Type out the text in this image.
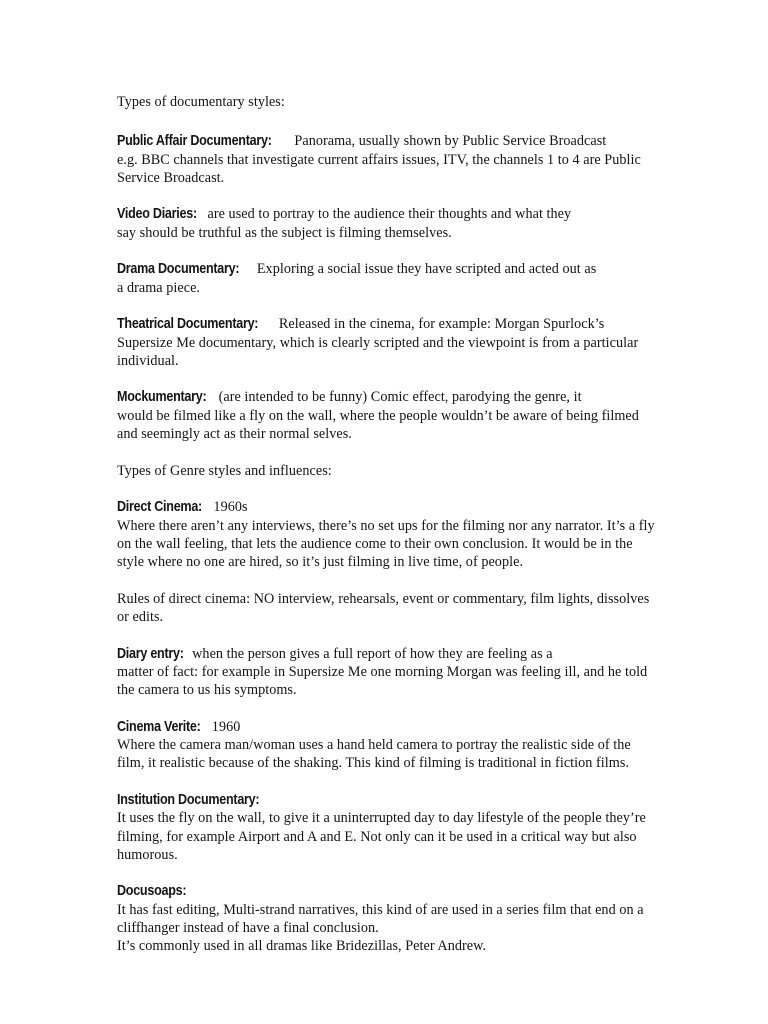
Types of documentary styles:

Public Affair Documentary: Panorama, usually shown by Public Service Broadcast
e.g. BBC channels that investigate current affairs issues, ITV, the channels 1 to 4 are Public Service Broadcast.

Video Diaries: are used to portray to the audience their thoughts and what they
say should be truthful as the subject is filming themselves.

Drama Documentary: Exploring a social issue they have scripted and acted out as
a drama piece.

Theatrical Documentary: Released in the cinema, for example: Morgan Spurlock’s
Supersize Me documentary, which is clearly scripted and the viewpoint is from a particular individual.

Mockumentary: (are intended to be funny) Comic effect, parodying the genre, it
would be filmed like a fly on the wall, where the people wouldn’t be aware of being filmed and seemingly act as their normal selves.

Types of Genre styles and influences:

Direct Cinema: 1960s
Where there aren’t any interviews, there’s no set ups for the filming nor any narrator. It’s a fly on the wall feeling, that lets the audience come to their own conclusion. It would be in the style where no one are hired, so it’s just filming in live time, of people.

Rules of direct cinema: NO interview, rehearsals, event or commentary, film lights, dissolves or edits.

Diary entry: when the person gives a full report of how they are feeling as a
matter of fact: for example in Supersize Me one morning Morgan was feeling ill, and he told the camera to us his symptoms.

Cinema Verite: 1960
Where the camera man/woman uses a hand held camera to portray the realistic side of the film, it realistic because of the shaking. This kind of filming is traditional in fiction films.

Institution Documentary:
It uses the fly on the wall, to give it a uninterrupted day to day lifestyle of the people they’re filming, for example Airport and A and E. Not only can it be used in a critical way but also humorous.

Docusoaps:
It has fast editing, Multi-strand narratives, this kind of are used in a series film that end on a cliffhanger instead of have a final conclusion.
It’s commonly used in all dramas like Bridezillas, Peter Andrew.
